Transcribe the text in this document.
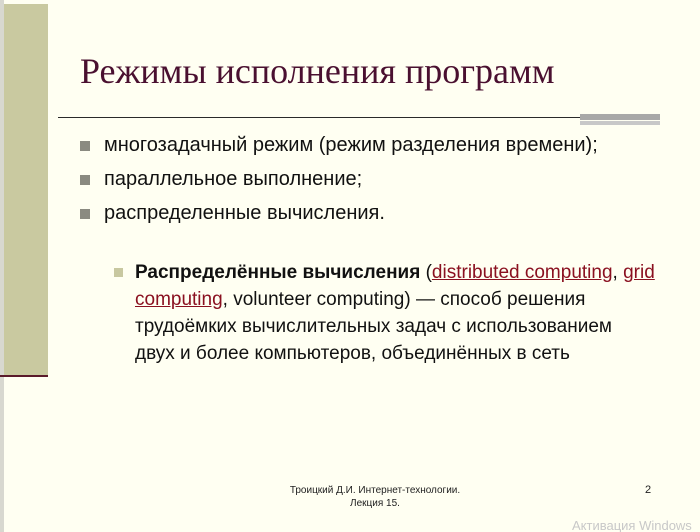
Режимы исполнения программ
многозадачный режим (режим разделения времени);
параллельное выполнение;
распределенные вычисления.
Распределённые вычисления (distributed computing, grid computing, volunteer computing) — способ решения трудоёмких вычислительных задач с использованием двух и более компьютеров, объединённых в сеть
Троицкий Д.И. Интернет-технологии.
Лекция 15.
2
Активация Windows
